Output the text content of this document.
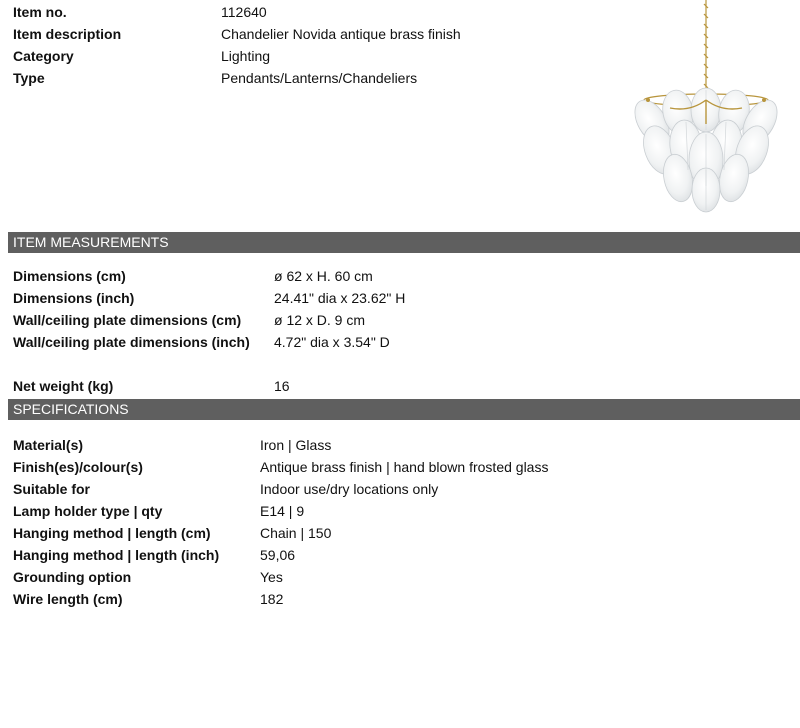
Item no.	112640
Item description	Chandelier Novida antique brass finish
Category	Lighting
Type	Pendants/Lanterns/Chandeliers
ITEM MEASUREMENTS
Dimensions (cm)	ø 62 x H. 60 cm
Dimensions (inch)	24.41" dia x 23.62" H
Wall/ceiling plate dimensions (cm) ø 12 x D. 9 cm
Wall/ceiling plate dimensions (inch) 4.72" dia x 3.54" D
Net weight (kg)	16
SPECIFICATIONS
Material(s)	Iron | Glass
Finish(es)/colour(s)	Antique brass finish | hand blown frosted glass
Suitable for	Indoor use/dry locations only
Lamp holder type | qty	E14 | 9
Hanging method | length (cm)	Chain | 150
Hanging method | length (inch)	59,06
Grounding option	Yes
Wire length (cm)	182
